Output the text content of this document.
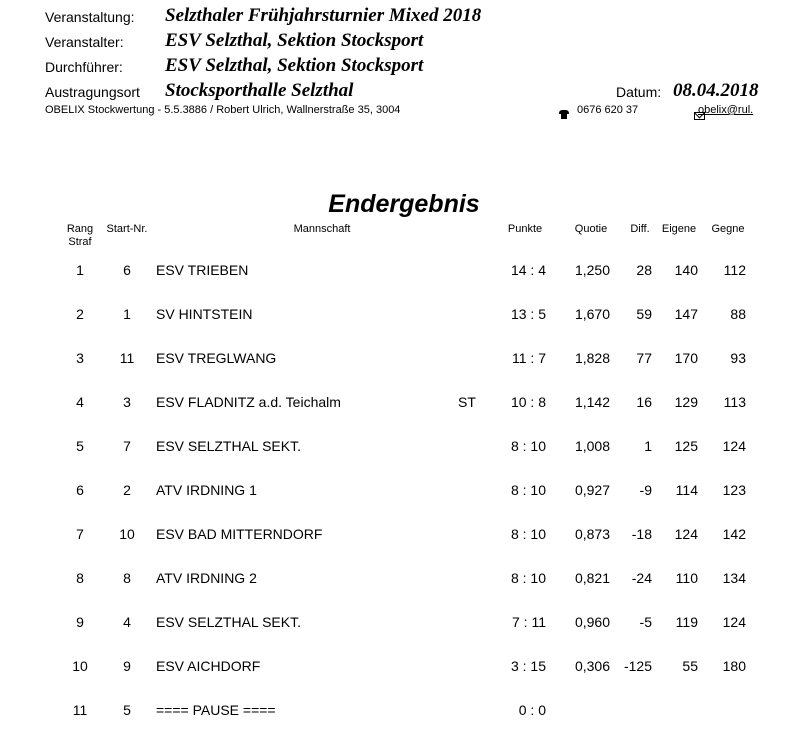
Veranstaltung: Selzthaler Frühjahrsturnier Mixed 2018
Veranstalter: ESV Selzthal, Sektion Stocksport
Durchführer: ESV Selzthal, Sektion Stocksport
Austragungsort Stocksporthalle Selzthal	Datum: 08.04.2018
OBELIX Stockwertung - 5.5.3886 / Robert Ulrich, Wallnerstraße 35, 3004
	0676 620 37	obelix@rul.
Endergebnis
Rang
Straf
Start-Nr.	Mannschaft	Punkte	Quotie	Diff.	Eigene	Gegne
1	6	ESV TRIEBEN	14 : 4	1,250	28	140	112
2	1	SV HINTSTEIN	13 : 5	1,670	59	147	88
3	11	ESV TREGLWANG	11 : 7	1,828	77	170	93
4	3	ESV FLADNITZ a.d. Teichalm	ST	10 : 8	1,142	16	129	113
5	7	ESV SELZTHAL SEKT.	8 : 10	1,008	1	125	124
6	2	ATV IRDNING 1	8 : 10	0,927	-9	114	123
7	10	ESV BAD MITTERNDORF	8 : 10	0,873	-18	124	142
8	8	ATV IRDNING 2	8 : 10	0,821	-24	110	134
9	4	ESV SELZTHAL SEKT.	7 : 11	0,960	-5	119	124
10	9	ESV AICHDORF	3 : 15	0,306 -125	55	180
11	5	==== PAUSE ====	0 : 0
